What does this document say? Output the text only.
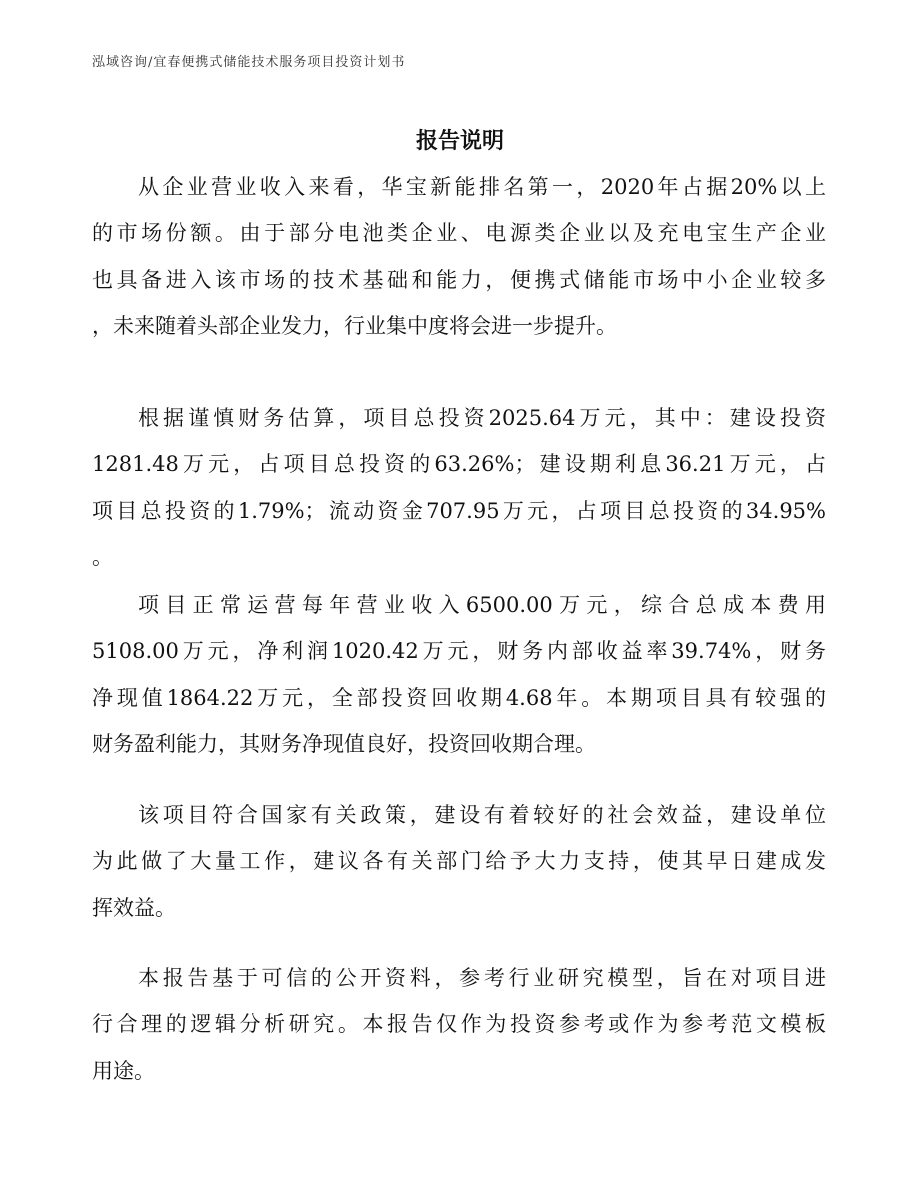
泓域咨询/宜春便携式储能技术服务项目投资计划书
报告说明
从企业营业收入来看，华宝新能排名第一，2020年占据20%以上
的市场份额。由于部分电池类企业、电源类企业以及充电宝生产企业
也具备进入该市场的技术基础和能力，便携式储能市场中小企业较多
，未来随着头部企业发力，行业集中度将会进一步提升。
根据谨慎财务估算，项目总投资2025.64万元，其中：建设投资
1281.48万元，占项目总投资的63.26%；建设期利息36.21万元，占
项目总投资的1.79%；流动资金707.95万元，占项目总投资的34.95%
。
项目正常运营每年营业收入6500.00万元，综合总成本费用
5108.00万元，净利润1020.42万元，财务内部收益率39.74%，财务
净现值1864.22万元，全部投资回收期4.68年。本期项目具有较强的
财务盈利能力，其财务净现值良好，投资回收期合理。
该项目符合国家有关政策，建设有着较好的社会效益，建设单位
为此做了大量工作，建议各有关部门给予大力支持，使其早日建成发
挥效益。
本报告基于可信的公开资料，参考行业研究模型，旨在对项目进
行合理的逻辑分析研究。本报告仅作为投资参考或作为参考范文模板
用途。
